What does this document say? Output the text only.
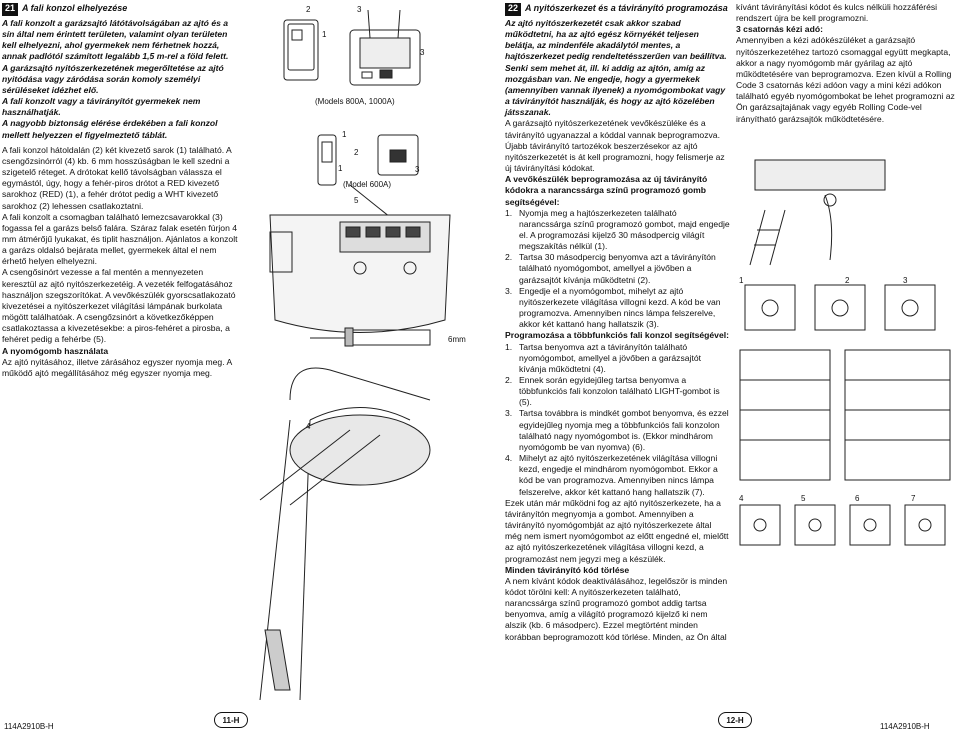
21 A fali konzol elhelyezése

A fali konzolt a garázsajtó látótávolságában az ajtó és a sín által nem érintett területen, valamint olyan területen kell elhelyezni, ahol gyermekek nem férhetnek hozzá, annak padlótól számított legalább 1,5 m-rel a föld felett.

A garázsajtó nyitószerkezetének megerőltetése az ajtó nyitódása vagy záródása során komoly személyi sérüléseket idézhet elő.

A fali konzolt vagy a távirányítót gyermekek nem használhatják.

A nagyobb biztonság elérése érdekében a fali konzol mellett helyezzen el figyelmeztető táblát.

A fali konzol hátoldalán (2) két kivezető sarok (1) található. A csengőzsinórról (4) kb. 6 mm hosszúságban le kell szedni a szigetelő réteget. A drótokat kellő távolságban válassza el egymástól, úgy, hogy a fehér-piros drótot a RED kivezető sarokhoz (RED) (1), a fehér drótot pedig a WHT kivezető sarokhoz (2) lehessen csatlakoztatni.

A fali konzolt a csomagban található lemezcsavarokkal (3) fogassa fel a garázs belső falára. Száraz falak esetén fúrjon 4 mm átmérőjű lyukakat, és tiplit használjon. Ajánlatos a konzolt a garázs oldalsó bejárata mellet, gyermekek által el nem érhető helyen elhelyezni.

A csengősinórt vezesse a fal mentén a mennyezeten keresztül az ajtó nyitószerkezetéig. A vezeték felfogatásához használjon szegszorítókat. A vevőkészülék gyorscsatlakozató kivezetései a nyitószerkezet világítási lámpának burkolata mögött találhatóak. A csengőzsinórt a következőképpen csatlakoztassa a kivezetésekbe: a piros-fehéret a pirosba, a fehéret pedig a fehérbe (5).

A nyomógomb használata

Az ajtó nyitásához, illetve zárásához egyszer nyomja meg. A működő ajtó megállításához még egyszer nyomja meg.

(Models 800A, 1000A)
(Model 600A)
2
1
3
3
1
2
1	3
5
4
6mm
22 A nyitószerkezet és a távirányító programozása

Az ajtó nyitószerkezetét csak akkor szabad működtetni, ha az ajtó egész környékét teljesen belátja, az mindenféle akadálytól mentes, a hajtószerkezet pedig rendeltetésszerűen van beállítva. Senki sem mehet át, ill. ki addig az ajtón, amíg az mozgásban van. Ne engedje, hogy a gyermekek (amennyiben vannak ilyenek) a nyomógombokat vagy a távirányítót használják, és hogy az ajtó közelében játsszanak.

A garázsajtó nyitószerkezetének vevőkészüléke és a távirányító ugyanazzal a kóddal vannak beprogramozva. Újabb távirányító tartozékok beszerzésekor az ajtó nyitószerkezetét is át kell programozni, hogy felismerje az új távirányítási kódokat.

A vevőkészülék beprogramozása az új távirányító kódokra a narancssárga színű programozó gomb segítségével:

1. Nyomja meg a hajtószerkezeten található narancssárga színű programozó gombot, majd engedje el. A programozási kijelző 30 másodpercig világít megszakítás nélkül (1).
2. Tartsa 30 másodpercig benyomva azt a távirányítón található nyomógombot, amellyel a jövőben a garázsajtót kívánja működtetni (2).
3. Engedje el a nyomógombot, mihelyt az ajtó nyitószerkezete világítása villogni kezd. A kód be van programozva. Amennyiben nincs lámpa felszerelve, akkor két kattanó hang hallatszik (3).

Programozása a többfunkciós fali konzol segítségével:

1. Tartsa benyomva azt a távirányítón található nyomógombot, amellyel a jövőben a garázsajtót kívánja működtetni (4).
2. Ennek során egyidejűleg tartsa benyomva a többfunkciós fali konzolon található LIGHT-gombot is (5).
3. Tartsa továbbra is mindkét gombot benyomva, és ezzel egyidejűleg nyomja meg a többfunkciós fali konzolon található nagy nyomógombot is. (Ekkor mindhárom nyomógomb be van nyomva) (6).
4. Mihelyt az ajtó nyitószerkezetének világítása villogni kezd, engedje el mindhárom nyomógombot. Ekkor a kód be van programozva. Amennyiben nincs lámpa felszerelve, akkor két kattanó hang hallatszik (7).

Ezek után már működni fog az ajtó nyitószerkezete, ha a távirányítón megnyomja a gombot. Amennyiben a távirányító nyomógombját az ajtó nyitószerkezete által még nem ismert nyomógombot az előtt engedné el, mielőtt az ajtó nyitószerkezetének világítása villogni kezd, a programozást nem jegyzi meg a készülék.

Minden távirányító kód törlése

A nem kívánt kódok deaktiválásához, legelőször is minden kódot törölni kell: A nyitószerkezeten található, narancssárga színű programozó gombot addig tartsa benyomva, amíg a világító programozó kijelző ki nem alszik (kb. 6 másodperc). Ezzel megtörtént minden korábban beprogramozott kód törlése. Minden, az Ön által

kívánt távirányítási kódot és kulcs nélküli hozzáférési rendszert újra be kell programozni.

3 csatornás kézi adó:

Amennyiben a kézi adókészüléket a garázsajtó nyitószerkezetéhez tartozó csomaggal együtt megkapta, akkor a nagy nyomógomb már gyárilag az ajtó működtetésére van beprogramozva. Ezen kívül a Rolling Code 3 csatornás kézi adóon vagy a mini kézi adókon található egyéb nyomógombokat be lehet programozni az Ön garázsajtajának vagy egyéb Rolling Code-vel irányítható garázsajtók működtetésére.

1	2	3
4	5	6	7
114A2910B-H
11-H	12-H
114A2910B-H
